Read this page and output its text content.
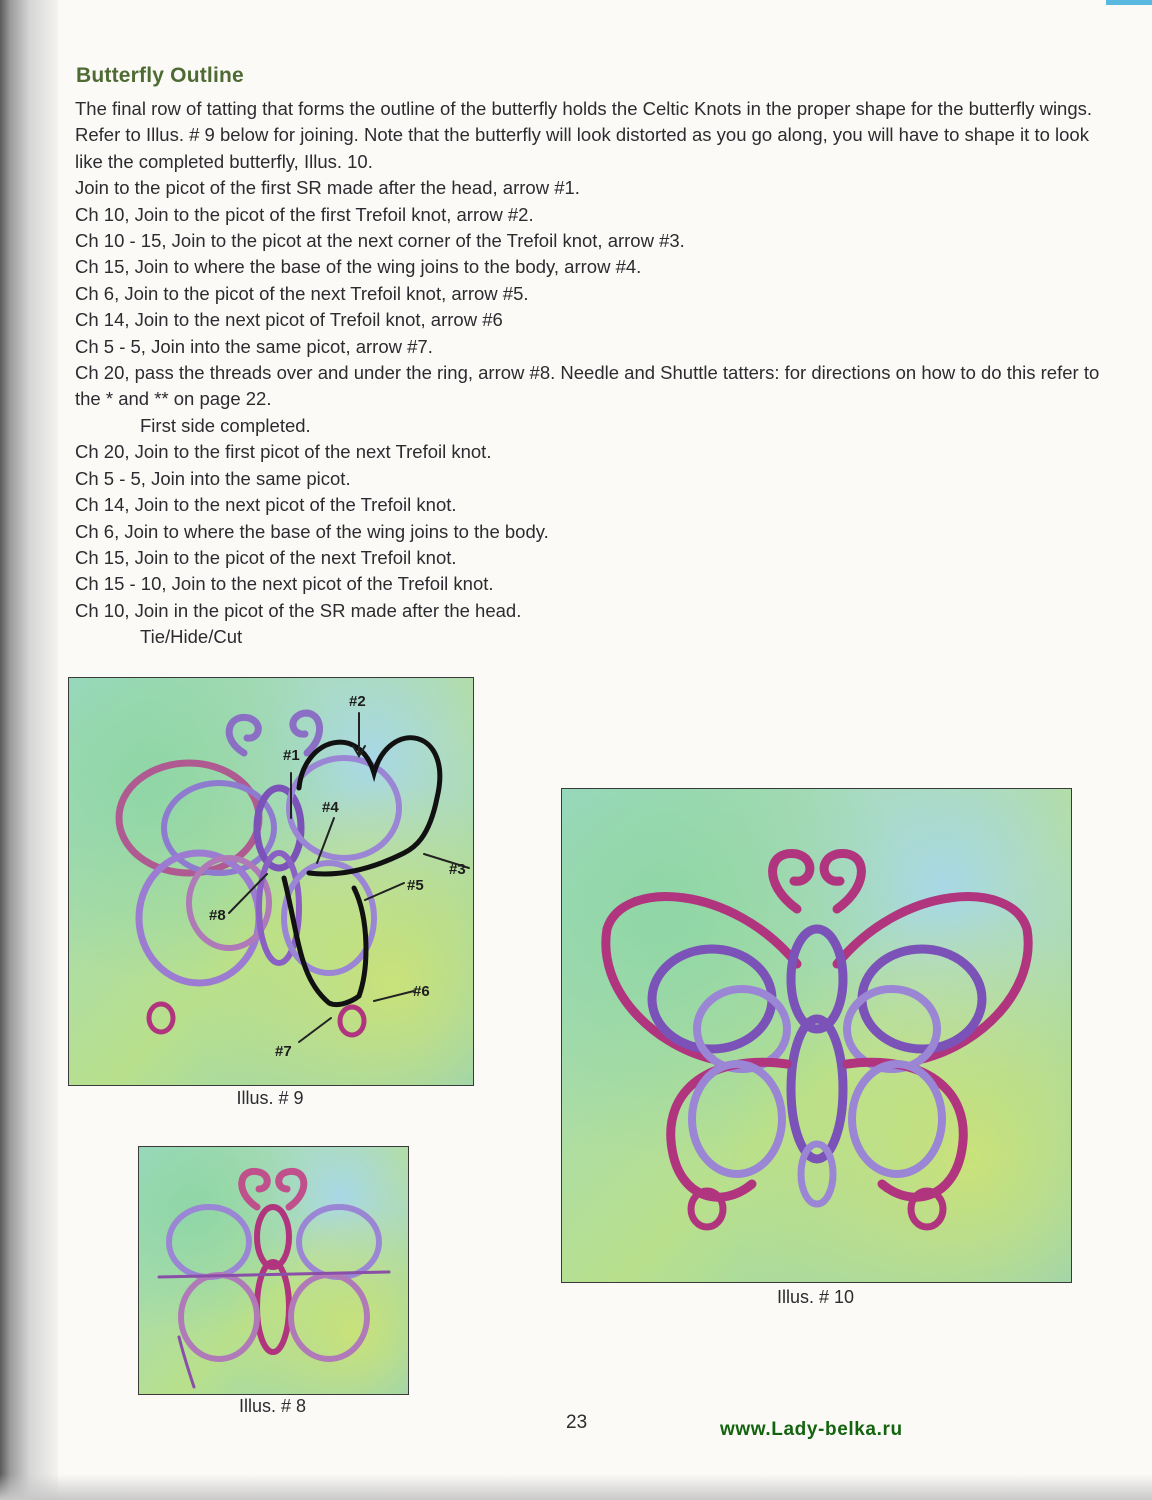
Butterfly Outline

The final row of tatting that forms the outline of the butterfly holds the Celtic Knots in the proper shape for the butterfly wings. Refer to Illus. # 9 below for joining. Note that the butterfly will look distorted as you go along, you will have to shape it to look like the completed butterfly, Illus. 10.

Join to the picot of the first SR made after the head, arrow #1.

Ch 10, Join to the picot of the first Trefoil knot, arrow #2.

Ch 10 - 15, Join to the picot at the next corner of the Trefoil knot, arrow #3.

Ch 15, Join to where the base of the wing joins to the body, arrow #4.

Ch 6, Join to the picot of the next Trefoil knot, arrow #5.

Ch 14, Join to the next picot of Trefoil knot, arrow #6

Ch 5 - 5, Join into the same picot, arrow #7.

Ch 20, pass the threads over and under the ring, arrow #8. Needle and Shuttle tatters: for directions on how to do this refer to the * and ** on page 22.

First side completed.

Ch 20, Join to the first picot of the next Trefoil knot.

Ch 5 - 5, Join into the same picot.

Ch 14, Join to the next picot of the Trefoil knot.

Ch 6, Join to where the base of the wing joins to the body.

Ch 15, Join to the picot of the next Trefoil knot.

Ch 15 - 10, Join to the next picot of the Trefoil knot.

Ch 10, Join in the picot of the SR made after the head.

Tie/Hide/Cut

#2
#1
#4
#3
#5
#6
#7
#8
Illus. # 9
Illus. # 10
Illus. # 8
23	www.Lady-belka.ru
